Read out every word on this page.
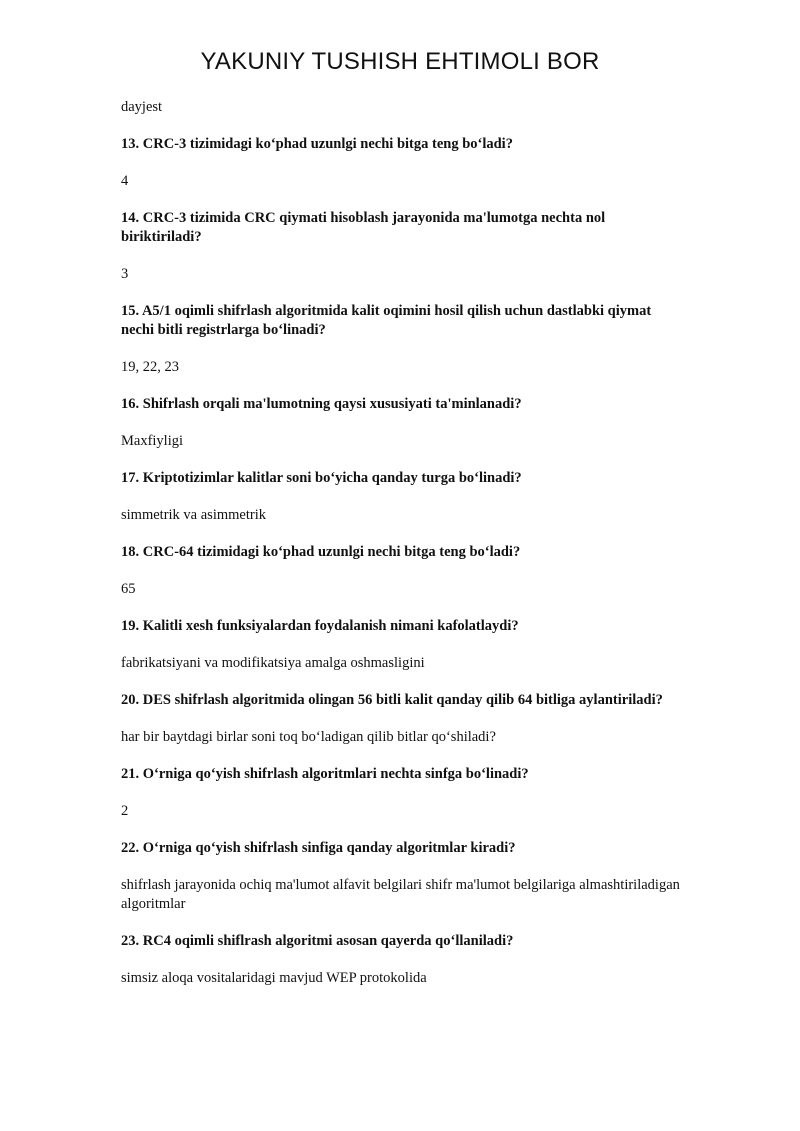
YAKUNIY TUSHISH EHTIMOLI BOR

dayjest

13. CRC-3 tizimidagi ko‘phad uzunlgi nechi bitga teng bo‘ladi?

4

14. CRC-3 tizimida CRC qiymati hisoblash jarayonida ma'lumotga nechta nol biriktiriladi?

3

15. A5/1 oqimli shifrlash algoritmida kalit oqimini hosil qilish uchun dastlabki qiymat nechi bitli registrlarga bo‘linadi?

19, 22, 23

16. Shifrlash orqali ma'lumotning qaysi xususiyati ta'minlanadi?

Maxfiyligi

17. Kriptotizimlar kalitlar soni bo‘yicha qanday turga bo‘linadi?

simmetrik va asimmetrik

18. CRC-64 tizimidagi ko‘phad uzunlgi nechi bitga teng bo‘ladi?

65

19. Kalitli xesh funksiyalardan foydalanish nimani kafolatlaydi?

fabrikatsiyani va modifikatsiya amalga oshmasligini

20. DES shifrlash algoritmida olingan 56 bitli kalit qanday qilib 64 bitliga aylantiriladi?

har bir baytdagi birlar soni toq bo‘ladigan qilib bitlar qo‘shiladi?

21. O‘rniga qo‘yish shifrlash algoritmlari nechta sinfga bo‘linadi?

2

22. O‘rniga qo‘yish shifrlash sinfiga qanday algoritmlar kiradi?

shifrlash jarayonida ochiq ma'lumot alfavit belgilari shifr ma'lumot belgilariga almashtiriladigan algoritmlar

23. RC4 oqimli shiflrash algoritmi asosan qayerda qo‘llaniladi?

simsiz aloqa vositalaridagi mavjud WEP protokolida
